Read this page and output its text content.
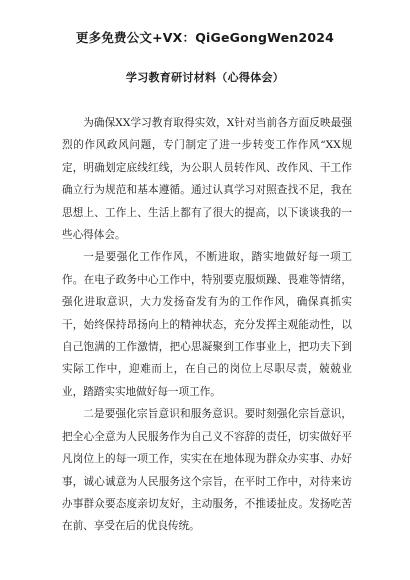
更多免费公文+VX：QiGeGongWen2024
学习教育研讨材料（心得体会）

为确保XX学习教育取得实效，X针对当前各方面反映最强烈的作风政风问题，专门制定了进一步转变工作作风“XX规定，明确划定底线红线，为公职人员转作风、改作风、干工作确立行为规范和基本遵循。通过认真学习对照查找不足，我在思想上、工作上、生活上都有了很大的提高，以下谈谈我的一些心得体会。

一是要强化工作作风，不断进取，踏实地做好每一项工作。在电子政务中心工作中，特别要克服烦躁、畏难等情绪，强化进取意识，大力发扬奋发有为的工作作风，确保真抓实干，始终保持昂扬向上的精神状态，充分发挥主观能动性，以自己饱满的工作激情，把心思凝聚到工作事业上，把功夫下到实际工作中，迎难而上，在自己的岗位上尽职尽责，兢兢业业，踏踏实实地做好每一项工作。

二是要强化宗旨意识和服务意识。要时刻强化宗旨意识，把全心全意为人民服务作为自己义不容辞的责任，切实做好平凡岗位上的每一项工作，实实在在地体现为群众办实事、办好事，诚心诚意为人民服务这个宗旨，在平时工作中，对待来访办事群众要态度亲切友好，主动服务，不推诿扯皮。发扬吃苦在前、享受在后的优良传统。
